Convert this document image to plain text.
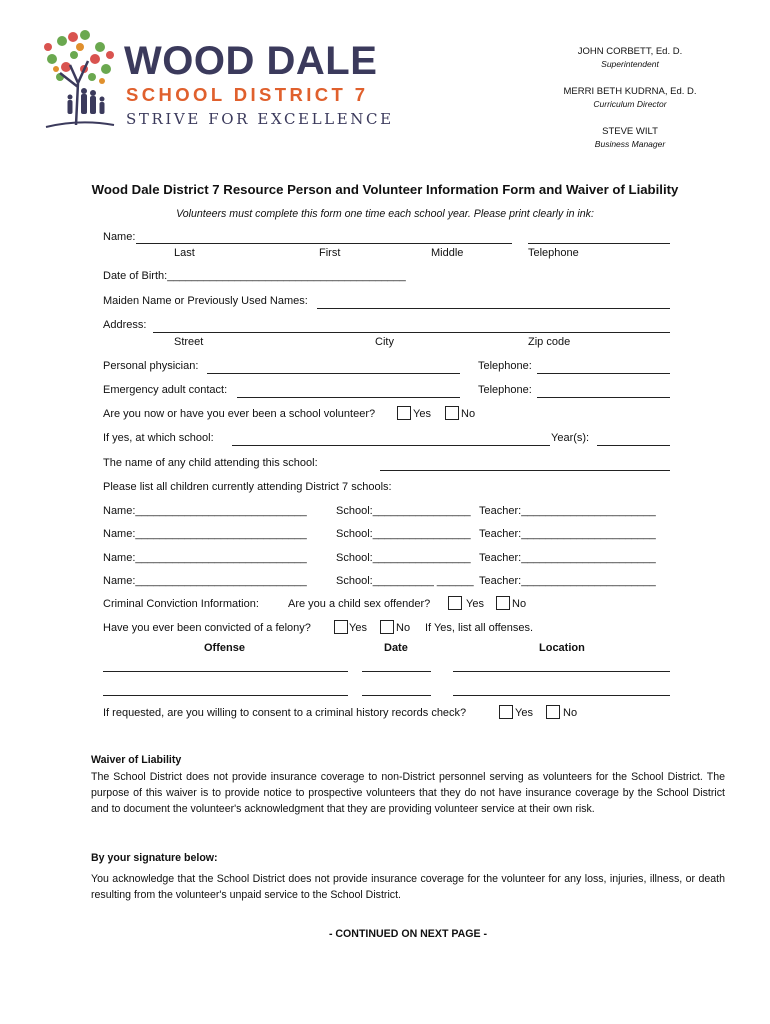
WOOD DALE
SCHOOL DISTRICT 7
STRIVE FOR EXCELLENCE
JOHN CORBETT, Ed. D.
Superintendent
MERRI BETH KUDRNA, Ed. D.
Curriculum Director
STEVE WILT
Business Manager
Wood Dale District 7 Resource Person and Volunteer Information Form and Waiver of Liability
Volunteers must complete this form one time each school year. Please print clearly in ink:
Name:
Last	First	Middle	Telephone
Date of Birth:_______________________________________
Maiden Name or Previously Used Names:
Address:
Street	City	Zip code
Personal physician:	Telephone:
Emergency adult contact:	Telephone:
Are you now or have you ever been a school volunteer?	Yes	No
If yes, at which school:	Year(s):
The name of any child attending this school:
Please list all children currently attending District 7 schools:
Name:____________________________	School:________________ Teacher:______________________
Name:____________________________	School:________________ Teacher:______________________
Name:____________________________	School:________________ Teacher:______________________
Name:____________________________	School:__________ ______ Teacher:______________________
Criminal Conviction Information:	Are you a child sex offender?	Yes	No
Have you ever been convicted of a felony?	Yes	No If Yes, list all offenses.
Offense	Date	Location
If requested, are you willing to consent to a criminal history records check?	Yes	No
Waiver of Liability
The School District does not provide insurance coverage to non-District personnel serving as volunteers for the School District. The purpose of this waiver is to provide notice to prospective volunteers that they do not have insurance coverage by the School District and to document the volunteer's acknowledgment that they are providing volunteer service at their own risk.
By your signature below:
You acknowledge that the School District does not provide insurance coverage for the volunteer for any loss, injuries, illness, or death resulting from the volunteer's unpaid service to the School District.
- CONTINUED ON NEXT PAGE -
